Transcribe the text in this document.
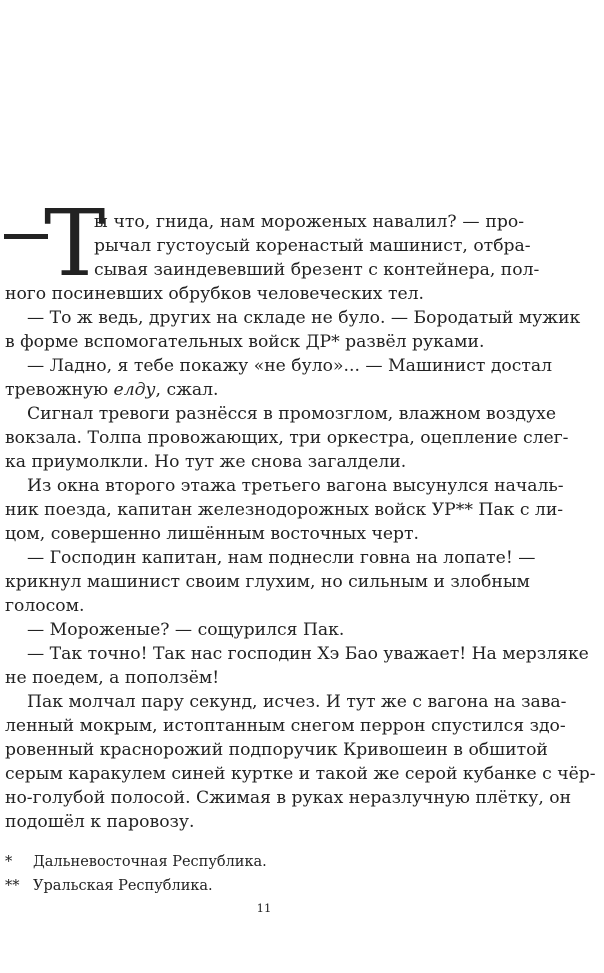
Т
ы что, гнида, нам мороженых навалил? — про-
рычал густоусый коренастый машинист, отбра-
сывая заиндевевший брезент с контейнера, пол-
ного посиневших обрубков человеческих тел.
— То ж ведь, других на складе не було. — Бородатый мужик
в форме вспомогательных войск ДР* развёл руками.
— Ладно, я тебе покажу «не було»... — Машинист достал
тревожную елду, сжал.
Сигнал тревоги разнёсся в промозглом, влажном воздухе
вокзала. Толпа провожающих, три оркестра, оцепление слег-
ка приумолкли. Но тут же снова загалдели.
Из окна второго этажа третьего вагона высунулся началь-
ник поезда, капитан железнодорожных войск УР** Пак с ли-
цом, совершенно лишённым восточных черт.
— Господин капитан, нам поднесли говна на лопате! —
крикнул машинист своим глухим, но сильным и злобным
голосом.
— Мороженые? — сощурился Пак.
— Так точно! Так нас господин Хэ Бао уважает! На мерзляке
не поедем, а поползём!
Пак молчал пару секунд, исчез. И тут же с вагона на зава-
ленный мокрым, истоптанным снегом перрон спустился здо-
ровенный краснорожий подпоручик Кривошеин в обшитой
серым каракулем синей куртке и такой же серой кубанке с чёр-
но-голубой полосой. Сжимая в руках неразлучную плётку, он
подошёл к паровозу.
* Дальневосточная Республика.
** Уральская Республика.
11
